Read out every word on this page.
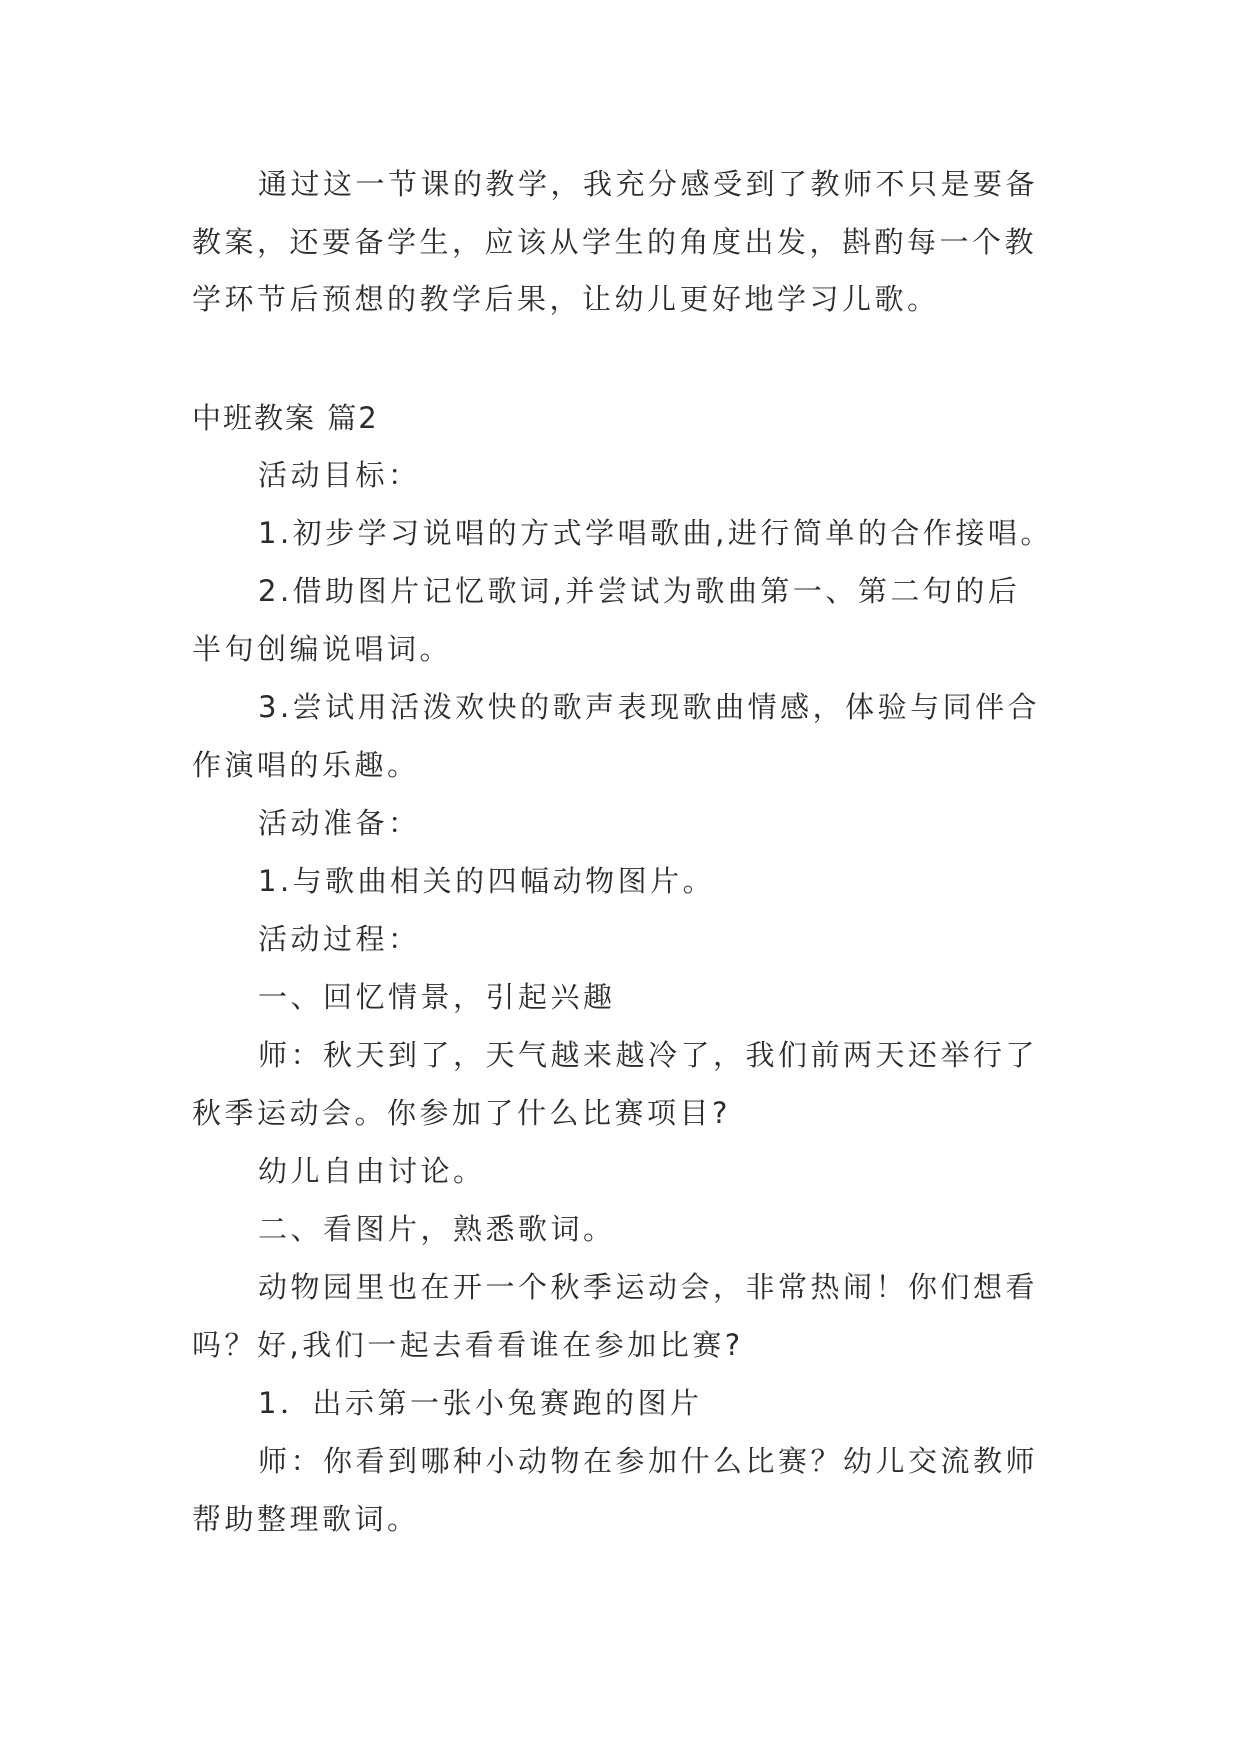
通过这一节课的教学，我充分感受到了教师不只是要备
教案，还要备学生，应该从学生的角度出发，斟酌每一个教
学环节后预想的教学后果，让幼儿更好地学习儿歌。
中班教案 篇2
活动目标：
1.初步学习说唱的方式学唱歌曲,进行简单的合作接唱。
2.借助图片记忆歌词,并尝试为歌曲第一、第二句的后
半句创编说唱词。
3.尝试用活泼欢快的歌声表现歌曲情感，体验与同伴合
作演唱的乐趣。
活动准备：
1.与歌曲相关的四幅动物图片。
活动过程：
一、回忆情景，引起兴趣
师：秋天到了，天气越来越冷了，我们前两天还举行了
秋季运动会。你参加了什么比赛项目?
幼儿自由讨论。
二、看图片，熟悉歌词。
动物园里也在开一个秋季运动会，非常热闹！你们想看
吗？好,我们一起去看看谁在参加比赛?
1．出示第一张小兔赛跑的图片
师：你看到哪种小动物在参加什么比赛？幼儿交流教师
帮助整理歌词。
